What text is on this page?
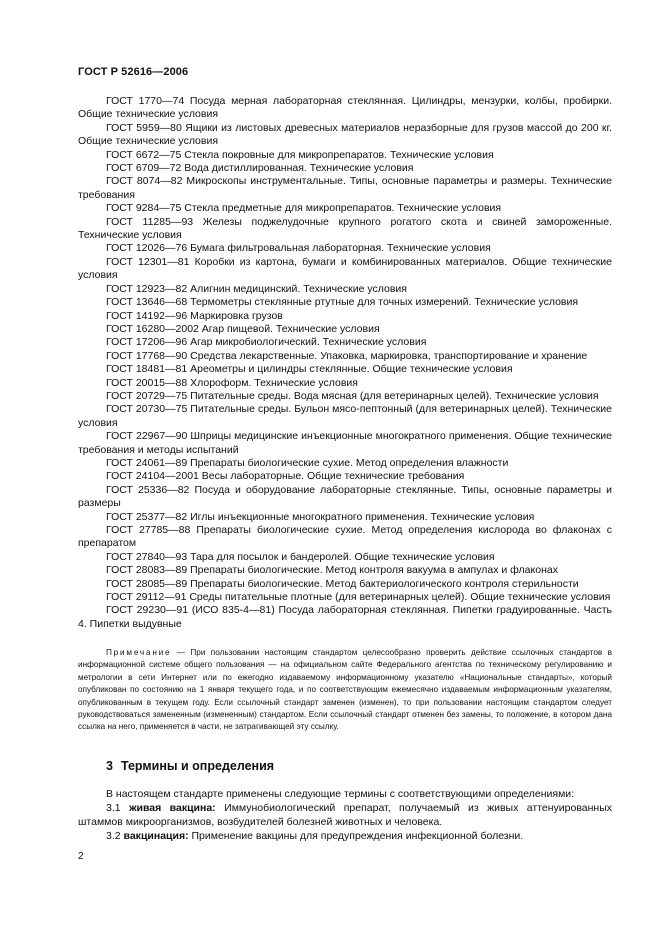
ГОСТ Р 52616—2006

ГОСТ 1770—74 Посуда мерная лабораторная стеклянная. Цилиндры, мензурки, колбы, пробирки. Общие технические условия

ГОСТ 5959—80 Ящики из листовых древесных материалов неразборные для грузов массой до 200 кг. Общие технические условия

ГОСТ 6672—75 Стекла покровные для микропрепаратов. Технические условия

ГОСТ 6709—72 Вода дистиллированная. Технические условия

ГОСТ 8074—82 Микроскопы инструментальные. Типы, основные параметры и размеры. Технические требования

ГОСТ 9284—75 Стекла предметные для микропрепаратов. Технические условия

ГОСТ 11285—93 Железы поджелудочные крупного рогатого скота и свиней замороженные. Технические условия

ГОСТ 12026—76 Бумага фильтровальная лабораторная. Технические условия

ГОСТ 12301—81 Коробки из картона, бумаги и комбинированных материалов. Общие технические условия

ГОСТ 12923—82 Алигнин медицинский. Технические условия

ГОСТ 13646—68 Термометры стеклянные ртутные для точных измерений. Технические условия

ГОСТ 14192—96 Маркировка грузов

ГОСТ 16280—2002 Агар пищевой. Технические условия

ГОСТ 17206—96 Агар микробиологический. Технические условия

ГОСТ 17768—90 Средства лекарственные. Упаковка, маркировка, транспортирование и хранение

ГОСТ 18481—81 Ареометры и цилиндры стеклянные. Общие технические условия

ГОСТ 20015—88 Хлороформ. Технические условия

ГОСТ 20729—75 Питательные среды. Вода мясная (для ветеринарных целей). Технические условия

ГОСТ 20730—75 Питательные среды. Бульон мясо-пептонный (для ветеринарных целей). Технические условия

ГОСТ 22967—90 Шприцы медицинские инъекционные многократного применения. Общие технические требования и методы испытаний

ГОСТ 24061—89 Препараты биологические сухие. Метод определения влажности

ГОСТ 24104—2001 Весы лабораторные. Общие технические требования

ГОСТ 25336—82 Посуда и оборудование лабораторные стеклянные. Типы, основные параметры и размеры

ГОСТ 25377—82 Иглы инъекционные многократного применения. Технические условия

ГОСТ 27785—88 Препараты биологические сухие. Метод определения кислорода во флаконах с препаратом

ГОСТ 27840—93 Тара для посылок и бандеролей. Общие технические условия

ГОСТ 28083—89 Препараты биологические. Метод контроля вакуума в ампулах и флаконах

ГОСТ 28085—89 Препараты биологические. Метод бактериологического контроля стерильности

ГОСТ 29112—91 Среды питательные плотные (для ветеринарных целей). Общие технические условия

ГОСТ 29230—91 (ИСО 835-4—81) Посуда лабораторная стеклянная. Пипетки градуированные. Часть 4. Пипетки выдувные

Примечание — При пользовании настоящим стандартом целесообразно проверить действие ссылочных стандартов в информационной системе общего пользования — на официальном сайте Федерального агентства по техническому регулированию и метрологии в сети Интернет или по ежегодно издаваемому информационному указателю «Национальные стандарты», который опубликован по состоянию на 1 января текущего года, и по соответствующим ежемесячно издаваемым информационным указателям, опубликованным в текущем году. Если ссылочный стандарт заменен (изменен), то при пользовании настоящим стандартом следует руководствоваться замененным (измененным) стандартом. Если ссылочный стандарт отменен без замены, то положение, в котором дана ссылка на него, применяется в части, не затрагивающей эту ссылку.

3 Термины и определения

В настоящем стандарте применены следующие термины с соответствующими определениями:

3.1 живая вакцина: Иммунобиологический препарат, получаемый из живых аттенуированных штаммов микроорганизмов, возбудителей болезней животных и человека.

3.2 вакцинация: Применение вакцины для предупреждения инфекционной болезни.

2
